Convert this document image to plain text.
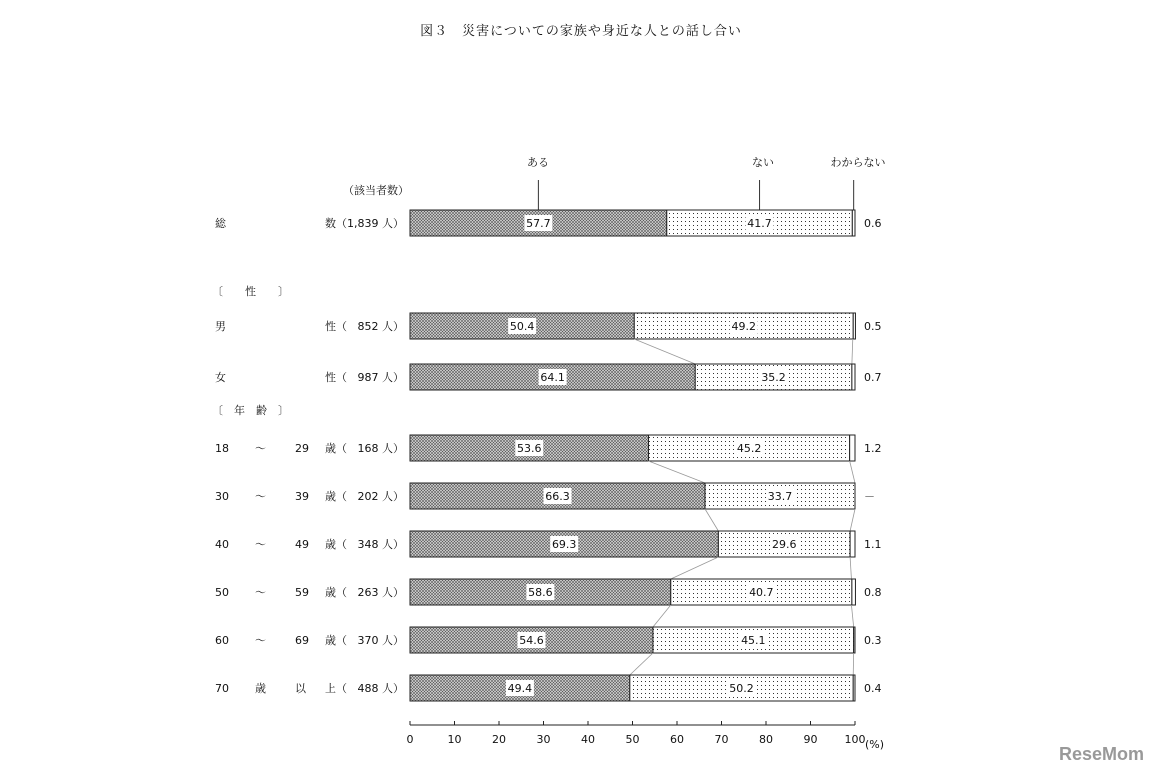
図３　災害についての家族や身近な人との話し合い
（該当者数）
ある	ない	わからない
〔　　性　　〕
〔　年　齢　〕
総	数（ 1,839 人）	57.7	41.7	0.6
男	性（ 852 人）	50.4	49.2	0.5
女	性（ 987 人）	64.1	35.2	0.7
18 ～	29 歳（ 168 人）	53.6	45.2	1.2
30 ～	39 歳（ 202 人）	66.3	33.7	－
40 ～	49 歳（ 348 人）	69.3	29.6	1.1
50 ～	59 歳（ 263 人）	58.6	40.7	0.8
60 ～	69 歳（ 370 人）	54.6	45.1	0.3
70 歳	以 上（ 488 人）	49.4	50.2	0.4
0	10	20	30	40	50	60	70	80	90 100 (%)	ReseMom
